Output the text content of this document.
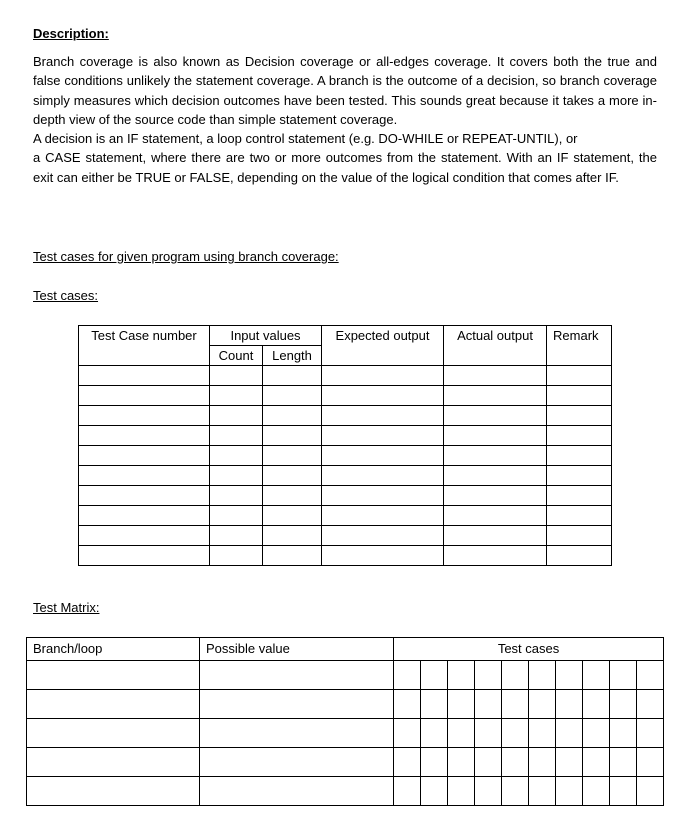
Description:

Branch coverage is also known as Decision coverage or all-edges coverage. It covers both the true and false conditions unlikely the statement coverage. A branch is the outcome of a decision, so branch coverage simply measures which decision outcomes have been tested. This sounds great because it takes a more in-depth view of the source code than simple statement coverage.

A decision is an IF statement, a loop control statement (e.g. DO-WHILE or REPEAT-UNTIL), or

a CASE statement, where there are two or more outcomes from the statement. With an IF statement, the exit can either be TRUE or FALSE, depending on the value of the logical condition that comes after IF.

Test cases for given program using branch coverage:
Test cases:
Test Case number	Input values		Expected output	Actual output	Remark
	Count	Length			

Test Matrix:
Branch/loop	Possible value	Test cases									
